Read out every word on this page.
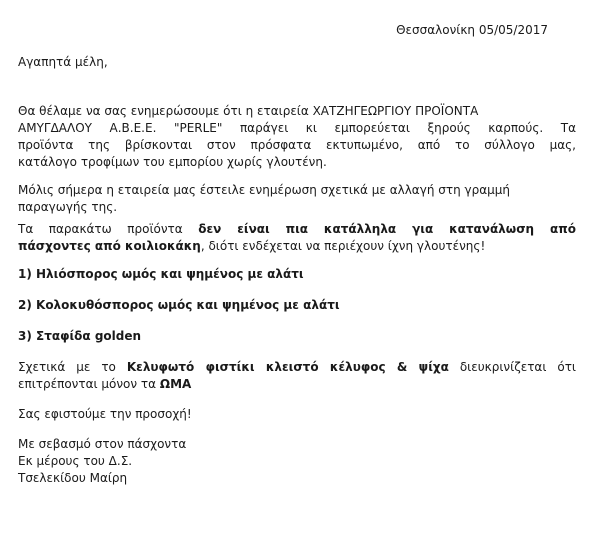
Θεσσαλονίκη 05/05/2017
Αγαπητά μέλη,
Θα θέλαμε να σας ενημερώσουμε ότι η εταιρεία ΧΑΤΖΗΓΕΩΡΓΙΟΥ ΠΡΟΪΟΝΤΑ
ΑΜΥΓΔΑΛΟΥ Α.Β.Ε.Ε. "PERLE" παράγει κι εμπορεύεται ξηρούς καρπούς. Τα
προϊόντα της βρίσκονται στον πρόσφατα εκτυπωμένο, από το σύλλογο μας,
κατάλογο τροφίμων του εμπορίου χωρίς γλουτένη.
Μόλις σήμερα η εταιρεία μας έστειλε ενημέρωση σχετικά με αλλαγή στη γραμμή
παραγωγής της.
Τα παρακάτω προϊόντα δεν είναι πια κατάλληλα για κατανάλωση από
πάσχοντες από κοιλιοκάκη, διότι ενδέχεται να περιέχουν ίχνη γλουτένης!
1) Ηλιόσπορος ωμός και ψημένος με αλάτι
2) Κολοκυθόσπορος ωμός και ψημένος με αλάτι
3) Σταφίδα golden
Σχετικά με το Κελυφωτό φιστίκι κλειστό κέλυφος & ψίχα διευκρινίζεται ότι
επιτρέπονται μόνον τα ΩΜΑ
Σας εφιστούμε την προσοχή!
Με σεβασμό στον πάσχοντα
Εκ μέρους του Δ.Σ.
Τσελεκίδου Μαίρη
